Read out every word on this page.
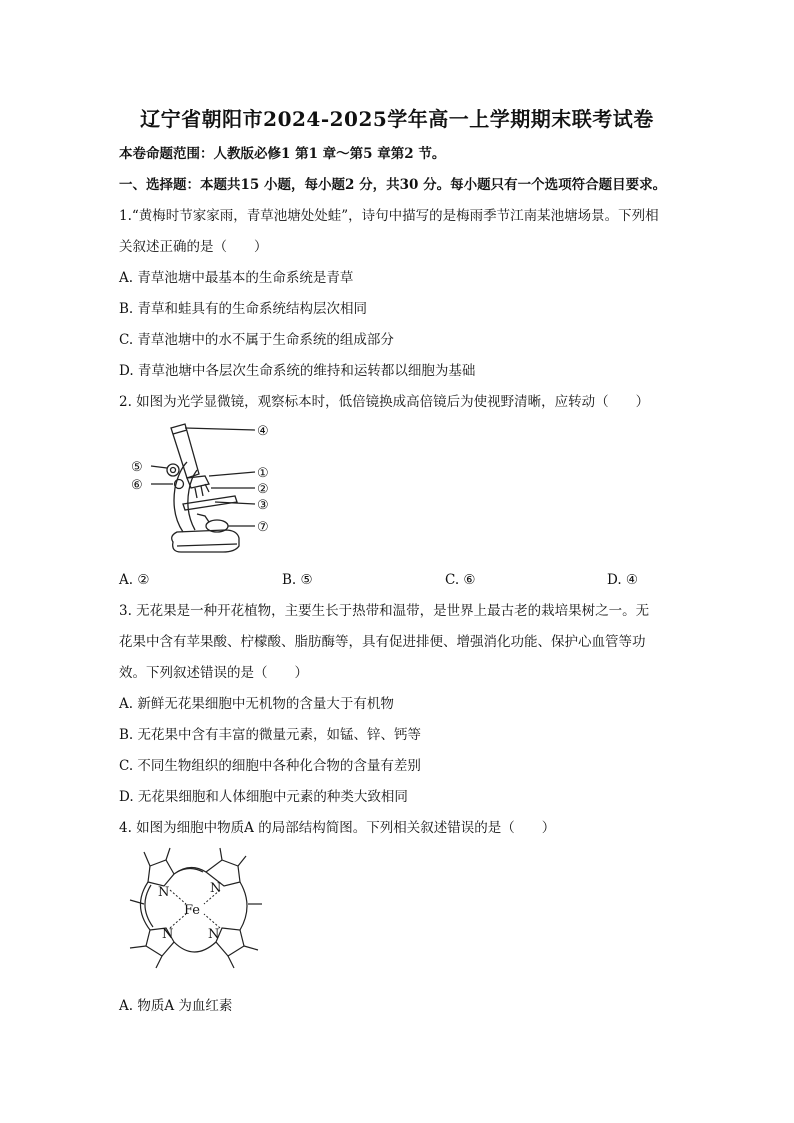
辽宁省朝阳市2024-2025学年高一上学期期末联考试卷
本卷命题范围：人教版必修1 第1 章～第5 章第2 节。
一、选择题：本题共15 小题，每小题2 分，共30 分。每小题只有一个选项符合题目要求。
1.“黄梅时节家家雨，青草池塘处处蛙”，诗句中描写的是梅雨季节江南某池塘场景。下列相
关叙述正确的是（　　）
A. 青草池塘中最基本的生命系统是青草
B. 青草和蛙具有的生命系统结构层次相同
C. 青草池塘中的水不属于生命系统的组成部分
D. 青草池塘中各层次生命系统的维持和运转都以细胞为基础
2. 如图为光学显微镜，观察标本时，低倍镜换成高倍镜后为使视野清晰，应转动（　　）
④
⑤	①
⑥	②
③
⑦
A. ②	B. ⑤	C. ⑥	D. ④
3. 无花果是一种开花植物，主要生长于热带和温带，是世界上最古老的栽培果树之一。无
花果中含有苹果酸、柠檬酸、脂肪酶等，具有促进排便、增强消化功能、保护心血管等功
效。下列叙述错误的是（　　）
A. 新鲜无花果细胞中无机物的含量大于有机物
B. 无花果中含有丰富的微量元素，如锰、锌、钙等
C. 不同生物组织的细胞中各种化合物的含量有差别
D. 无花果细胞和人体细胞中元素的种类大致相同
4. 如图为细胞中物质A 的局部结构简图。下列相关叙述错误的是（　　）
N	N
Fe
N	N
A. 物质A 为血红素
